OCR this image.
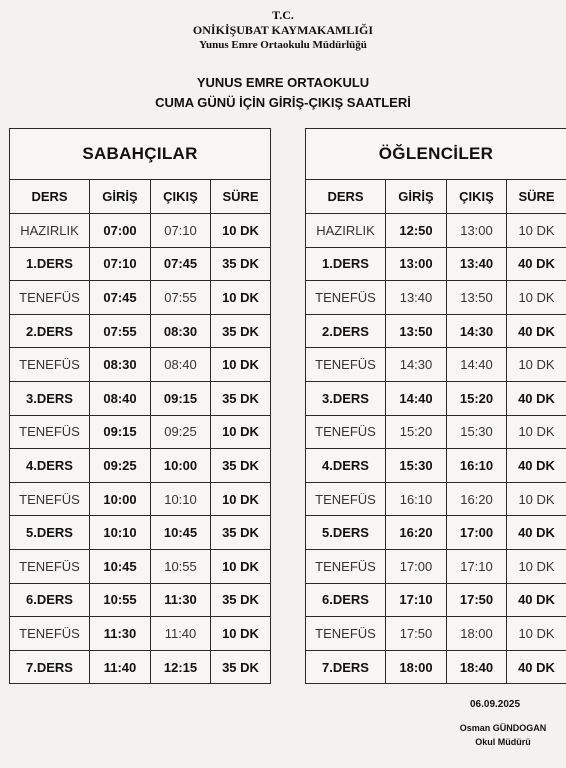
T.C.
ONİKİŞUBAT KAYMAKAMLIĞI
Yunus Emre Ortaokulu Müdürlüğü
YUNUS EMRE ORTAOKULU
CUMA GÜNÜ İÇİN GİRİŞ-ÇIKIŞ SAATLERİ
SABAHÇILAR			
DERS	GİRİŞ	ÇIKIŞ	SÜRE
HAZIRLIK	07:00	07:10	10 DK
1.DERS	07:10	07:45	35 DK
TENEFÜS	07:45	07:55	10 DK
2.DERS	07:55	08:30	35 DK
TENEFÜS	08:30	08:40	10 DK
3.DERS	08:40	09:15	35 DK
TENEFÜS	09:15	09:25	10 DK
4.DERS	09:25	10:00	35 DK
TENEFÜS	10:00	10:10	10 DK
5.DERS	10:10	10:45	35 DK
TENEFÜS	10:45	10:55	10 DK
6.DERS	10:55	11:30	35 DK
TENEFÜS	11:30	11:40	10 DK
7.DERS	11:40	12:15	35 DK
ÖĞLENCİLER			
DERS	GİRİŞ	ÇIKIŞ	SÜRE
HAZIRLIK	12:50	13:00	10 DK
1.DERS	13:00	13:40	40 DK
TENEFÜS	13:40	13:50	10 DK
2.DERS	13:50	14:30	40 DK
TENEFÜS	14:30	14:40	10 DK
3.DERS	14:40	15:20	40 DK
TENEFÜS	15:20	15:30	10 DK
4.DERS	15:30	16:10	40 DK
TENEFÜS	16:10	16:20	10 DK
5.DERS	16:20	17:00	40 DK
TENEFÜS	17:00	17:10	10 DK
6.DERS	17:10	17:50	40 DK
TENEFÜS	17:50	18:00	10 DK
7.DERS	18:00	18:40	40 DK
06.09.2025
Osman GÜNDOGAN
Okul Müdürü
